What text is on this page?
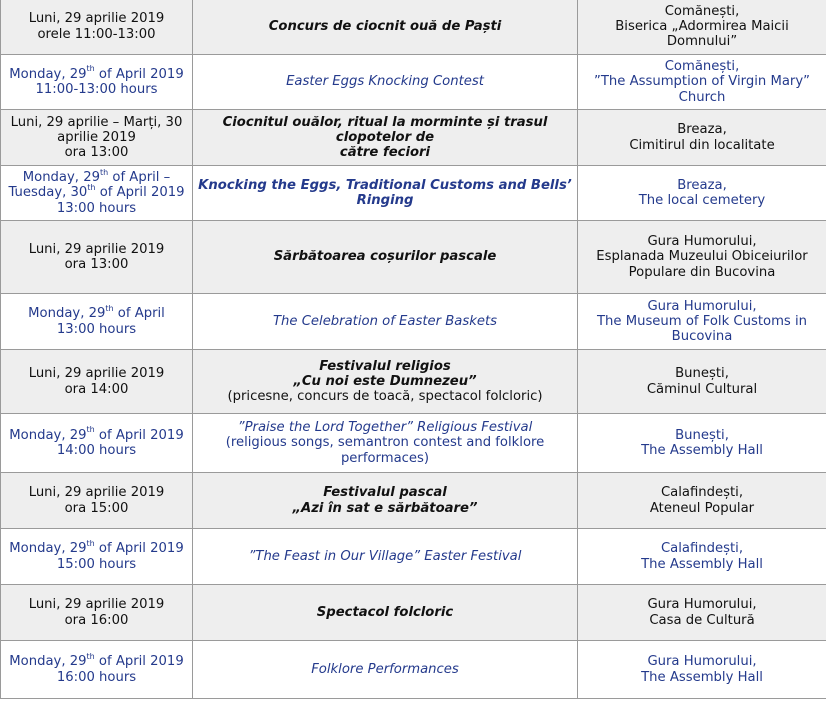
Luni, 29 aprilie 2019
orele 11:00-13:00	Concurs de ciocnit ouă de Paști	Comănești,
Biserica „Adormirea Maicii
Domnului”

Monday, 29th of April 2019
11:00-13:00 hours	Easter Eggs Knocking Contest	Comănești,
”The Assumption of Virgin Mary”
Church

Luni, 29 aprilie – Marți, 30
aprilie 2019
ora 13:00	Ciocnitul ouălor, ritual la morminte și trasul clopotelor de
către feciori	Breaza,
Cimitirul din localitate

Monday, 29th of April –
Tuesday, 30th of April 2019
13:00 hours	Knocking the Eggs, Traditional Customs and Bells’ Ringing	Breaza,
The local cemetery

Luni, 29 aprilie 2019
ora 13:00	Sărbătoarea coșurilor pascale	Gura Humorului,
Esplanada Muzeului Obiceiurilor
Populare din Bucovina

Monday, 29th of April
13:00 hours	The Celebration of Easter Baskets	Gura Humorului,
The Museum of Folk Customs in
Bucovina

Luni, 29 aprilie 2019
ora 14:00	Festivalul religios
„Cu noi este Dumnezeu”
(pricesne, concurs de toacă, spectacol folcloric)	Bunești,
Căminul Cultural

Monday, 29th of April 2019
14:00 hours	”Praise the Lord Together” Religious Festival
(religious songs, semantron contest and folklore
performaces)	Bunești,
The Assembly Hall

Luni, 29 aprilie 2019
ora 15:00	Festivalul pascal
„Azi în sat e sărbătoare”	Calafindești,
Ateneul Popular

Monday, 29th of April 2019
15:00 hours	”The Feast in Our Village” Easter Festival	Calafindești,
The Assembly Hall

Luni, 29 aprilie 2019
ora 16:00	Spectacol folcloric	Gura Humorului,
Casa de Cultură

Monday, 29th of April 2019
16:00 hours	Folklore Performances	Gura Humorului,
The Assembly Hall
